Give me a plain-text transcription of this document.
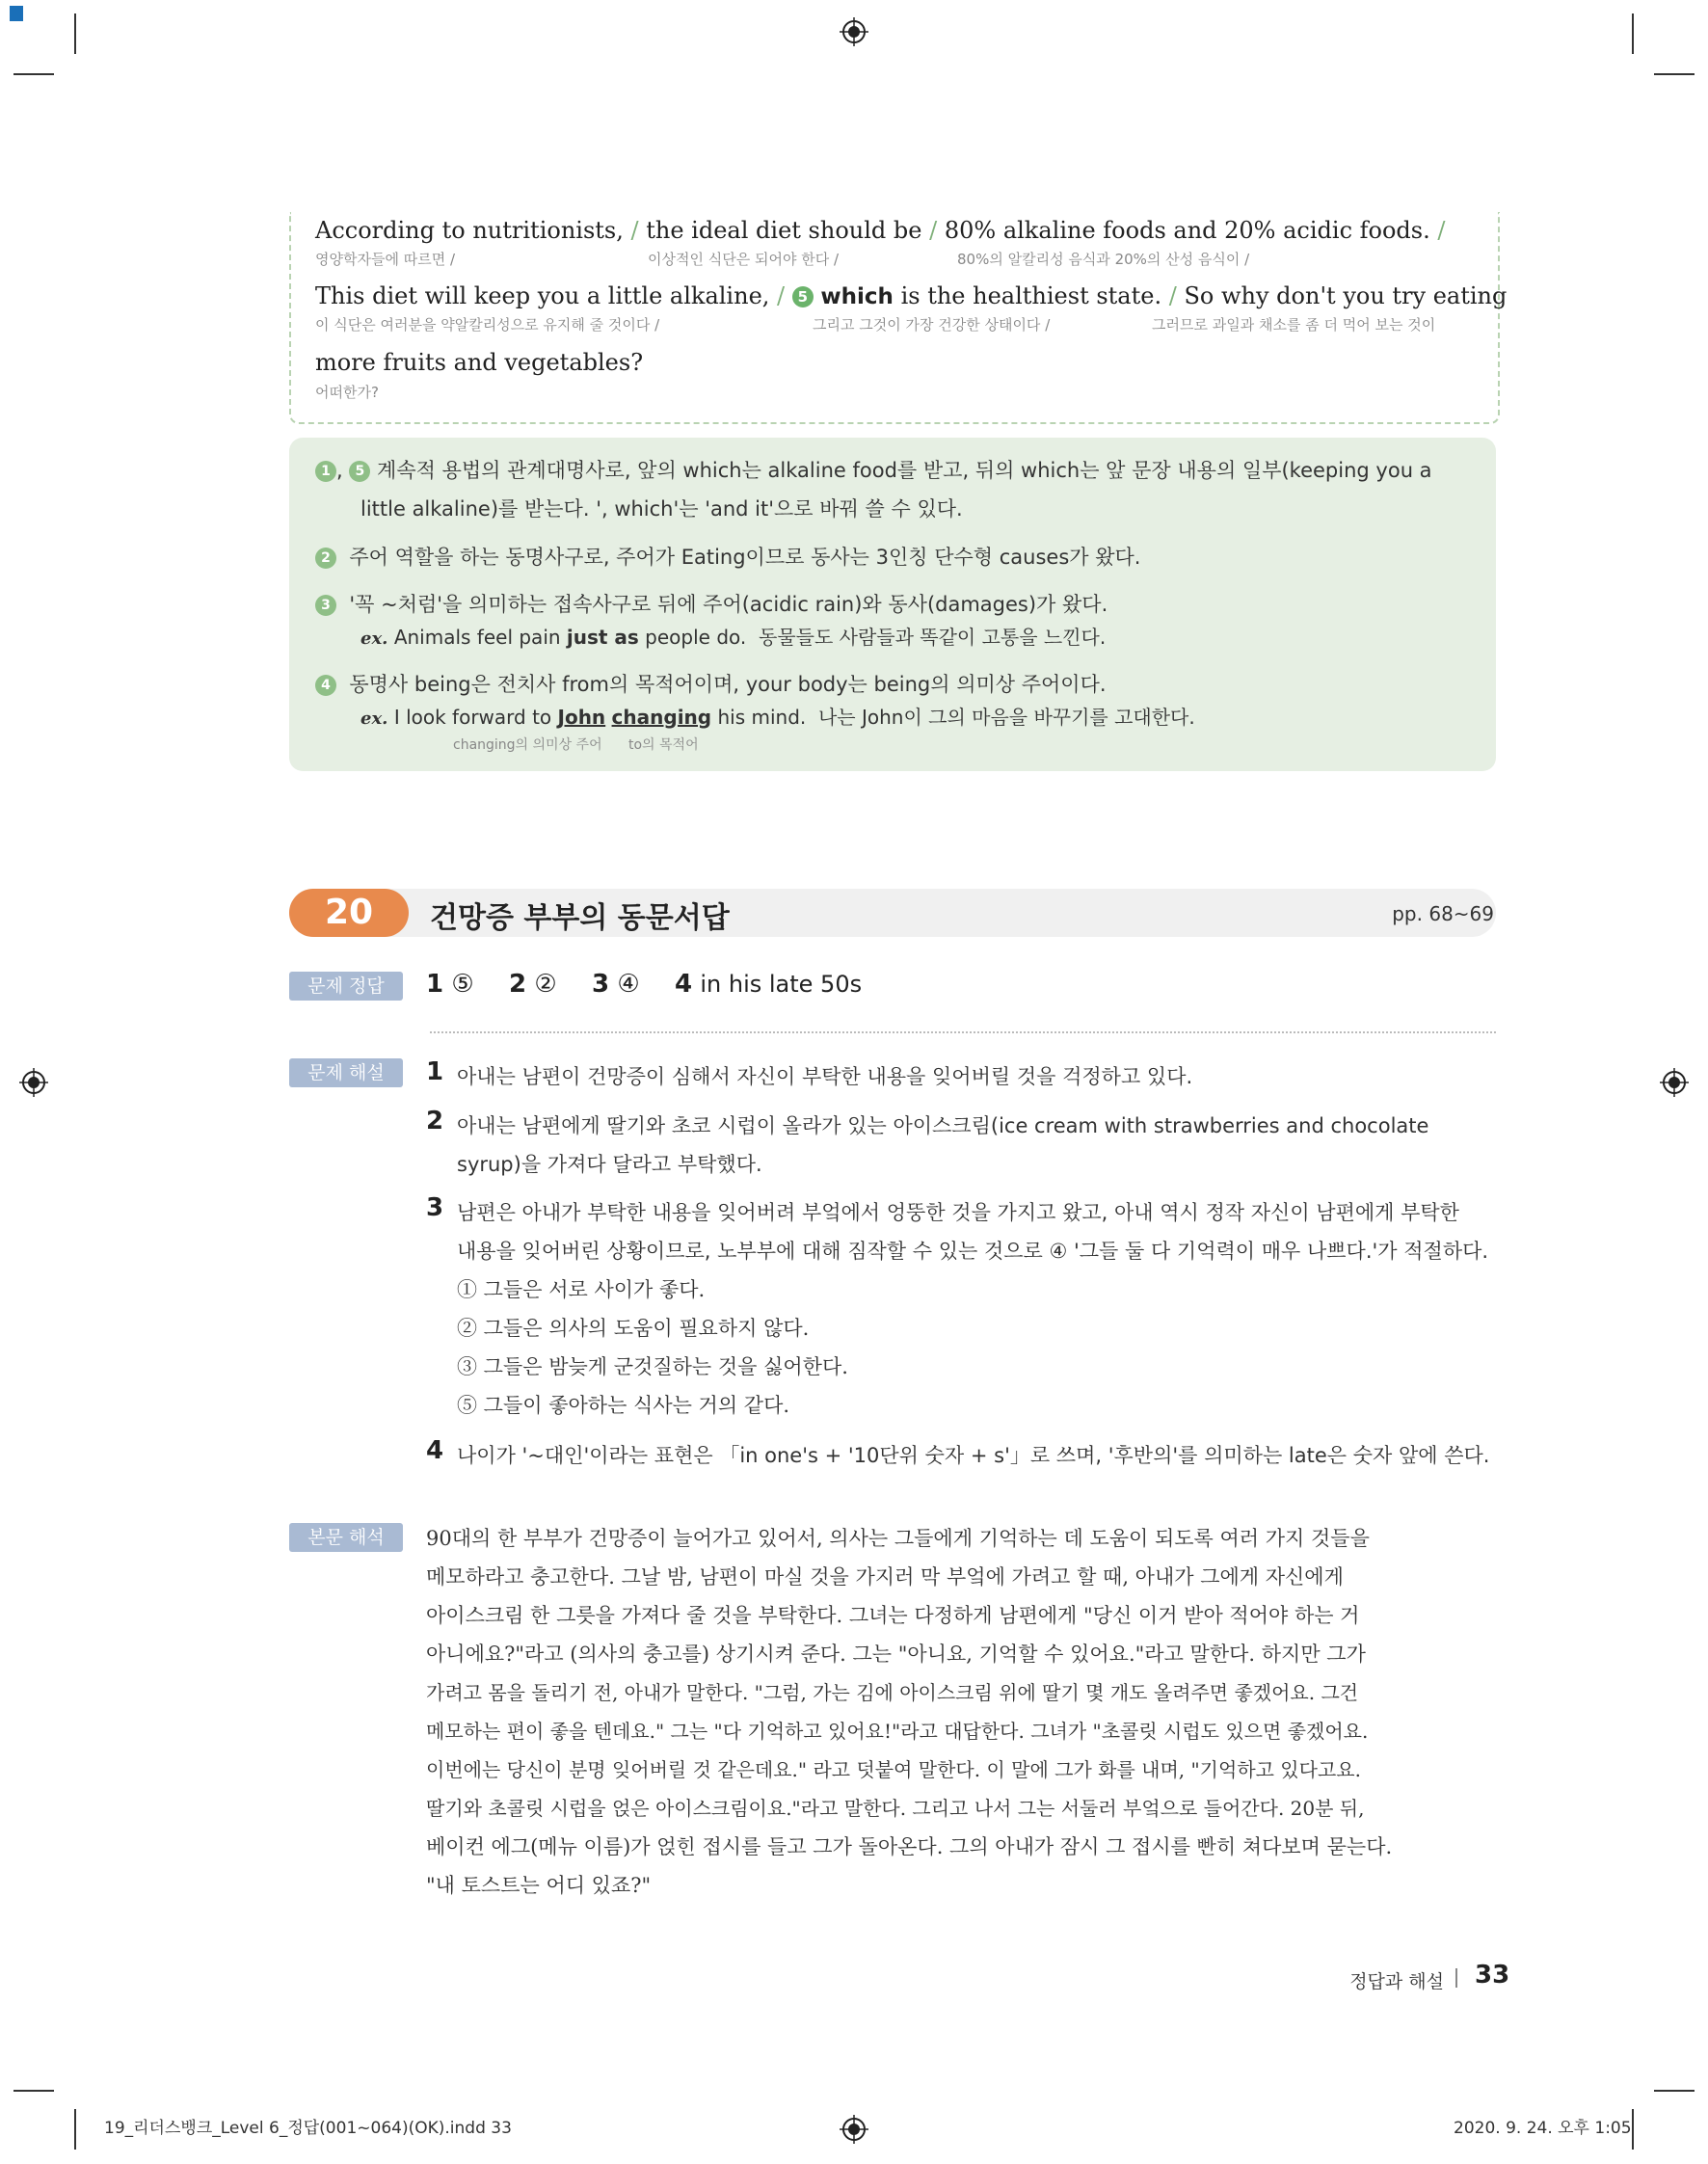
According to nutritionists, / the ideal diet should be / 80% alkaline foods and 20% acidic foods. /
영양학자들에 따르면 /	이상적인 식단은 되어야 한다 /	80%의 알칼리성 음식과 20%의 산성 음식이 /
This diet will keep you a little alkaline, / 5 which is the healthiest state. / So why don't you try eating
이 식단은 여러분을 약알칼리성으로 유지해 줄 것이다 /	그리고 그것이 가장 건강한 상태이다 /	그러므로 과일과 채소를 좀 더 먹어 보는 것이
more fruits and vegetables?
어떠한가?
1 , 5 계속적 용법의 관계대명사로, 앞의 which는 alkaline food를 받고, 뒤의 which는 앞 문장 내용의 일부(keeping you a
little alkaline)를 받는다. ', which'는 'and it'으로 바꿔 쓸 수 있다.
2 주어 역할을 하는 동명사구로, 주어가 Eating이므로 동사는 3인칭 단수형 causes가 왔다.
3 '꼭 ~처럼'을 의미하는 접속사구로 뒤에 주어(acidic rain)와 동사(damages)가 왔다.
ex. Animals feel pain just as people do. 동물들도 사람들과 똑같이 고통을 느낀다.
4 동명사 being은 전치사 from의 목적어이며, your body는 being의 의미상 주어이다.
ex. I look forward to John changing his mind. 나는 John이 그의 마음을 바꾸기를 고대한다.
changing의 의미상 주어 to의 목적어
20	건망증 부부의 동문서답	pp. 68~69
문제 정답	1 ⑤ 2 ② 3 ④ 4 in his late 50s
문제 해설	1 아내는 남편이 건망증이 심해서 자신이 부탁한 내용을 잊어버릴 것을 걱정하고 있다.
2 아내는 남편에게 딸기와 초코 시럽이 올라가 있는 아이스크림(ice cream with strawberries and chocolate
syrup)을 가져다 달라고 부탁했다.
3 남편은 아내가 부탁한 내용을 잊어버려 부엌에서 엉뚱한 것을 가지고 왔고, 아내 역시 정작 자신이 남편에게 부탁한
내용을 잊어버린 상황이므로, 노부부에 대해 짐작할 수 있는 것으로 ④ '그들 둘 다 기억력이 매우 나쁘다.'가 적절하다.
① 그들은 서로 사이가 좋다.
② 그들은 의사의 도움이 필요하지 않다.
③ 그들은 밤늦게 군것질하는 것을 싫어한다.
⑤ 그들이 좋아하는 식사는 거의 같다.
4 나이가 '~대인'이라는 표현은 「in one's + '10단위 숫자 + s'」로 쓰며, '후반의'를 의미하는 late은 숫자 앞에 쓴다.
본문 해석	90대의 한 부부가 건망증이 늘어가고 있어서, 의사는 그들에게 기억하는 데 도움이 되도록 여러 가지 것들을
메모하라고 충고한다. 그날 밤, 남편이 마실 것을 가지러 막 부엌에 가려고 할 때, 아내가 그에게 자신에게
아이스크림 한 그릇을 가져다 줄 것을 부탁한다. 그녀는 다정하게 남편에게 "당신 이거 받아 적어야 하는 거
아니에요?"라고 (의사의 충고를) 상기시켜 준다. 그는 "아니요, 기억할 수 있어요."라고 말한다. 하지만 그가
가려고 몸을 돌리기 전, 아내가 말한다. "그럼, 가는 김에 아이스크림 위에 딸기 몇 개도 올려주면 좋겠어요. 그건
메모하는 편이 좋을 텐데요." 그는 "다 기억하고 있어요!"라고 대답한다. 그녀가 "초콜릿 시럽도 있으면 좋겠어요.
이번에는 당신이 분명 잊어버릴 것 같은데요." 라고 덧붙여 말한다. 이 말에 그가 화를 내며, "기억하고 있다고요.
딸기와 초콜릿 시럽을 얹은 아이스크림이요."라고 말한다. 그리고 나서 그는 서둘러 부엌으로 들어간다. 20분 뒤,
베이컨 에그(메뉴 이름)가 얹힌 접시를 들고 그가 돌아온다. 그의 아내가 잠시 그 접시를 빤히 쳐다보며 묻는다.
"내 토스트는 어디 있죠?"
정답과 해설 33
19_리더스뱅크_Level 6_정답(001~064)(OK).indd 33	2020. 9. 24. 오후 1:05
